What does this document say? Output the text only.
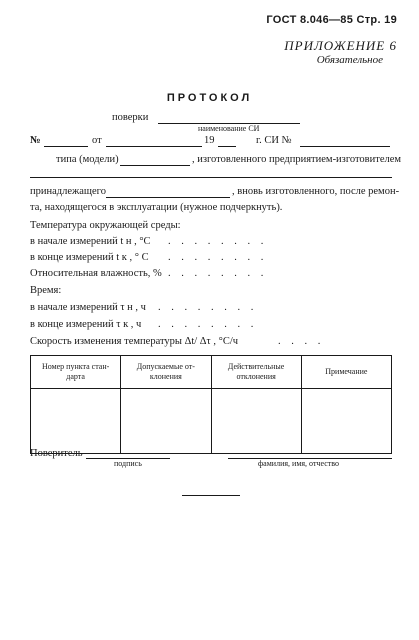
ГОСТ 8.046—85 Стр. 19
ПРИЛОЖЕНИЕ 6
Обязательное
ПРОТОКОЛ
поверки
наименование СИ
№	от	19	г. СИ №
типа (модели)	, изготовленного предприятием-изготовителем
принадлежащего	, вновь изготовленного, после ремон-
та, находящегося в эксплуатации (нужное подчеркнуть).
Температура окружающей среды:
в начале измерений t н , °С . . . . . . . .
в конце измерений t к , ° С . . . . . . . .
Относительная влажность, % . . . . . . . .
Время:
в начале измерений τ н , ч . . . . . . . .
в конце измерений τ к , ч . . . . . . . .
Скорость изменения температуры Δt/ Δτ , °С/ч	. . . .
Номер пункта стан-дарта	Допускаемые от-клонения	Действительные отклонения	Примечание

Поверитель
подпись	фамилия, имя, отчество
